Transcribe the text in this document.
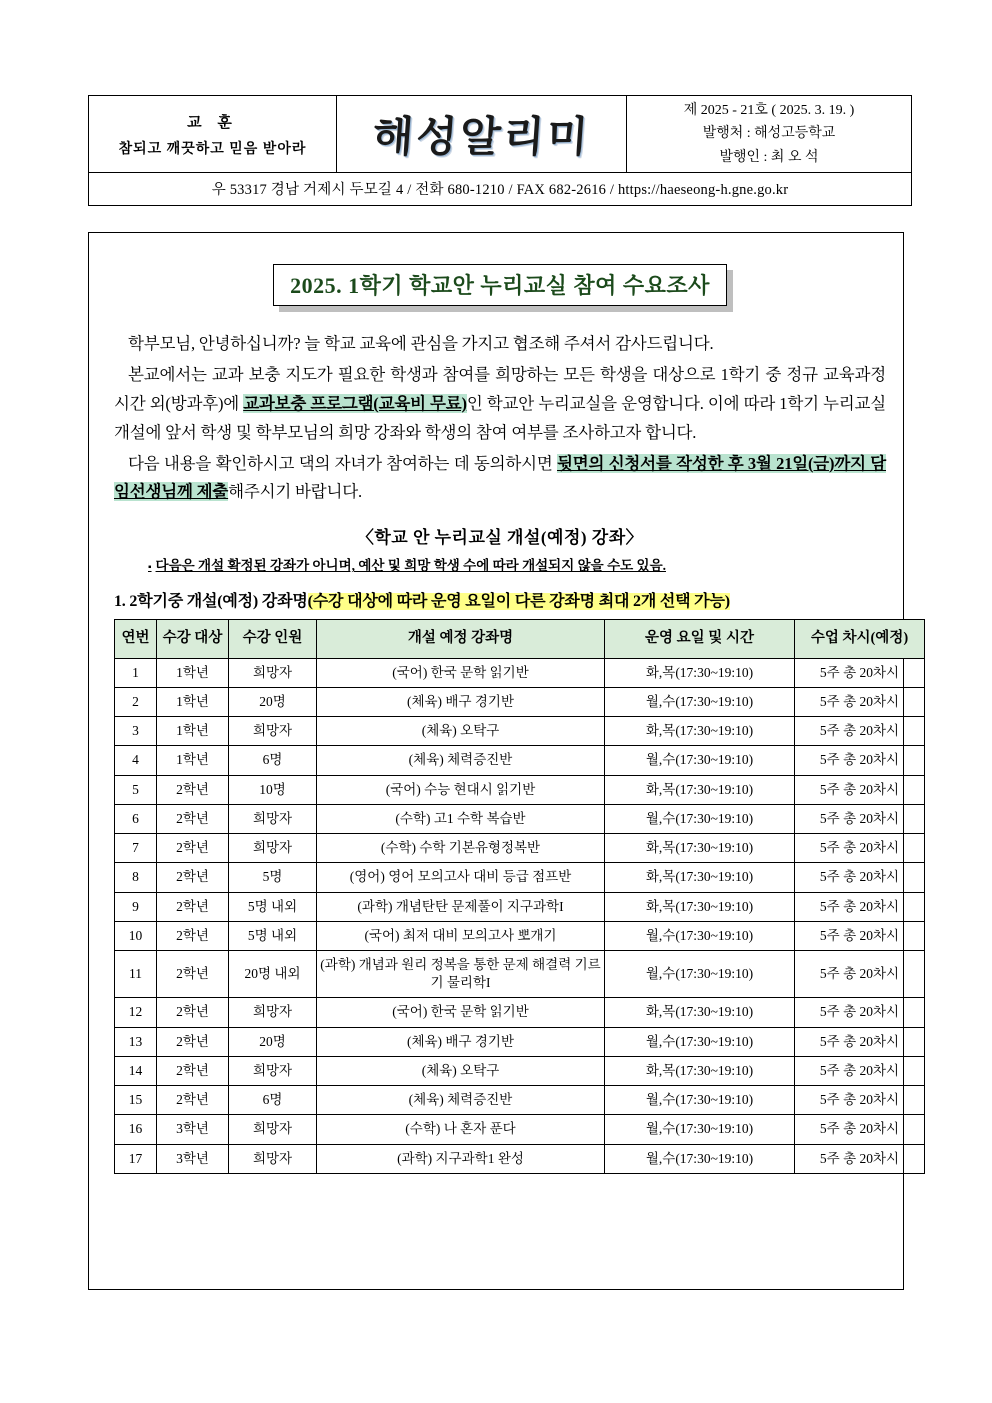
교 훈
참되고 깨끗하고 믿음 받아라 해성알리미
제 2025 - 21호 ( 2025. 3. 19. )
발행처 : 해성고등학교
발행인 : 최 오 석
우 53317 경남 거제시 두모길 4 / 전화 680-1210 / FAX 682-2616 / https://haeseong-h.gne.go.kr
2025. 1학기 학교안 누리교실 참여 수요조사

학부모님, 안녕하십니까? 늘 학교 교육에 관심을 가지고 협조해 주셔서 감사드립니다.

본교에서는 교과 보충 지도가 필요한 학생과 참여를 희망하는 모든 학생을 대상으로 1학기 중 정규 교육과정 시간 외(방과후)에 교과보충 프로그램(교육비 무료)인 학교안 누리교실을 운영합니다. 이에 따라 1학기 누리교실 개설에 앞서 학생 및 학부모님의 희망 강좌와 학생의 참여 여부를 조사하고자 합니다.

다음 내용을 확인하시고 댁의 자녀가 참여하는 데 동의하시면 뒷면의 신청서를 작성한 후 3월 21일(금)까지 담임선생님께 제출해주시기 바랍니다.

〈학교 안 누리교실 개설(예정) 강좌〉
▪ 다음은 개설 확정된 강좌가 아니며, 예산 및 희망 학생 수에 따라 개설되지 않을 수도 있음.
1. 2학기중 개설(예정) 강좌명(수강 대상에 따라 운영 요일이 다른 강좌명 최대 2개 선택 가능)
연번	수강 대상	수강 인원	개설 예정 강좌명	운영 요일 및 시간	수업 차시(예정)
1	1학년	희망자	(국어) 한국 문학 읽기반	화,목(17:30~19:10)	5주 총 20차시
2	1학년	20명	(체육) 배구 경기반	월,수(17:30~19:10)	5주 총 20차시
3	1학년	희망자	(체육) 오탁구	화,목(17:30~19:10)	5주 총 20차시
4	1학년	6명	(체육) 체력증진반	월,수(17:30~19:10)	5주 총 20차시
5	2학년	10명	(국어) 수능 현대시 읽기반	화,목(17:30~19:10)	5주 총 20차시
6	2학년	희망자	(수학) 고1 수학 복습반	월,수(17:30~19:10)	5주 총 20차시
7	2학년	희망자	(수학) 수학 기본유형정복반	화,목(17:30~19:10)	5주 총 20차시
8	2학년	5명	(영어) 영어 모의고사 대비 등급 점프반	화,목(17:30~19:10)	5주 총 20차시
9	2학년	5명 내외	(과학) 개념탄탄 문제풀이 지구과학I	화,목(17:30~19:10)	5주 총 20차시
10	2학년	5명 내외	(국어) 최저 대비 모의고사 뽀개기	월,수(17:30~19:10)	5주 총 20차시
11	2학년	20명 내외	(과학) 개념과 원리 정복을 통한 문제 해결력 기르기 물리학I	월,수(17:30~19:10)	5주 총 20차시
12	2학년	희망자	(국어) 한국 문학 읽기반	화,목(17:30~19:10)	5주 총 20차시
13	2학년	20명	(체육) 배구 경기반	월,수(17:30~19:10)	5주 총 20차시
14	2학년	희망자	(체육) 오탁구	화,목(17:30~19:10)	5주 총 20차시
15	2학년	6명	(체육) 체력증진반	월,수(17:30~19:10)	5주 총 20차시
16	3학년	희망자	(수학) 나 혼자 푼다	월,수(17:30~19:10)	5주 총 20차시
17	3학년	희망자	(과학) 지구과학1 완성	월,수(17:30~19:10)	5주 총 20차시
